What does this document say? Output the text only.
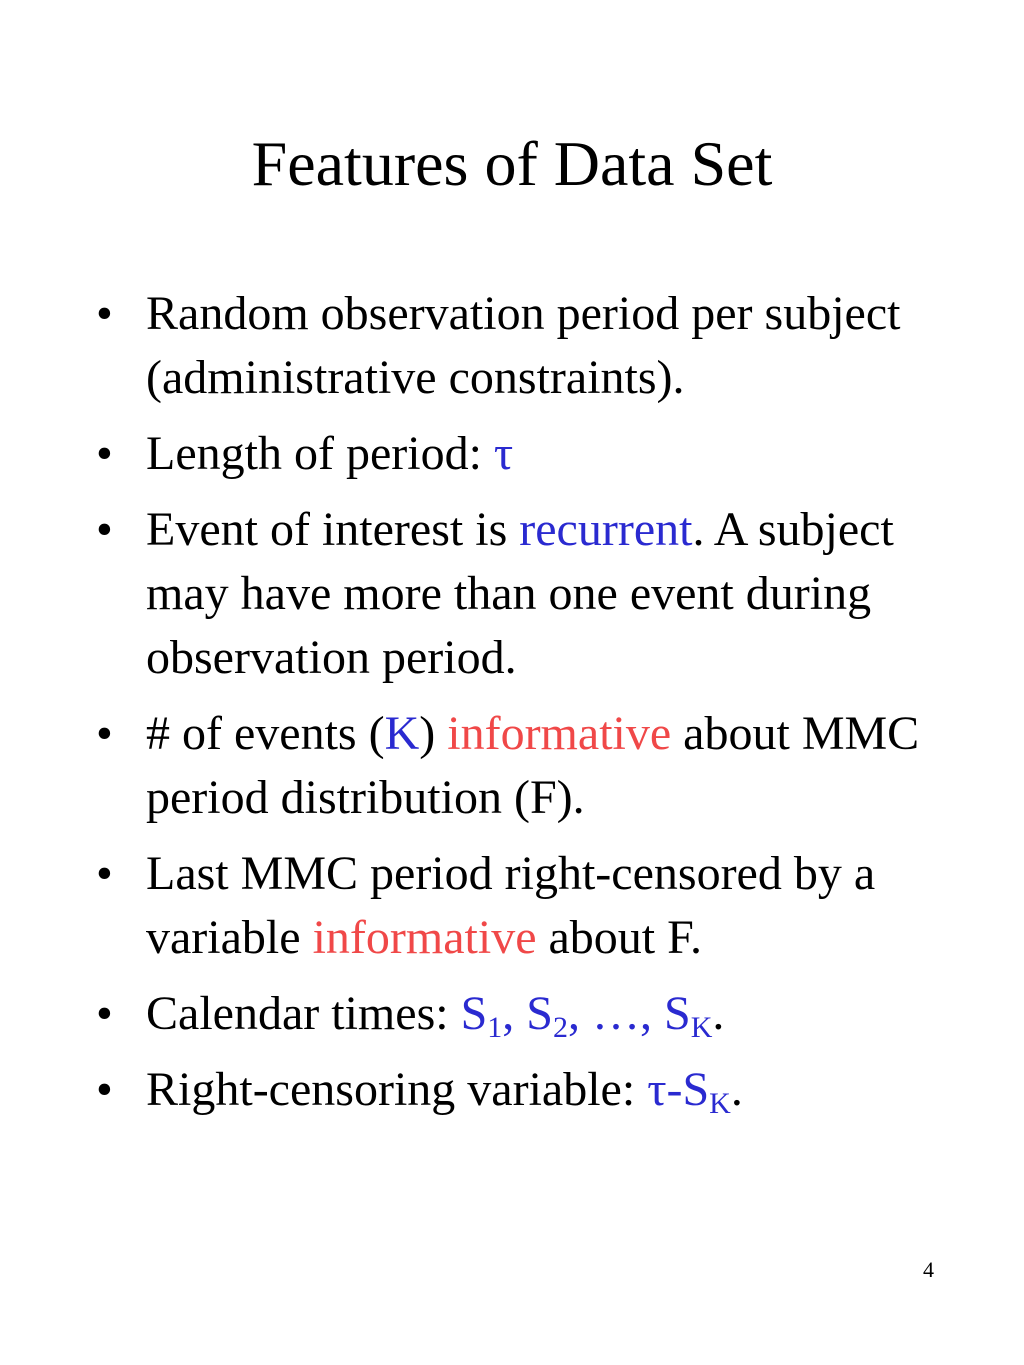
Features of Data Set
• Random observation period per subject (administrative constraints).
• Length of period: τ
• Event of interest is recurrent. A subject may have more than one event during observation period.
• # of events (K) informative about MMC period distribution (F).
• Last MMC period right-censored by a variable informative about F.
• Calendar times: $S_1$, $S_2$, …, $S_K$.
• Right-censoring variable: $\tau-S_K$.
4
